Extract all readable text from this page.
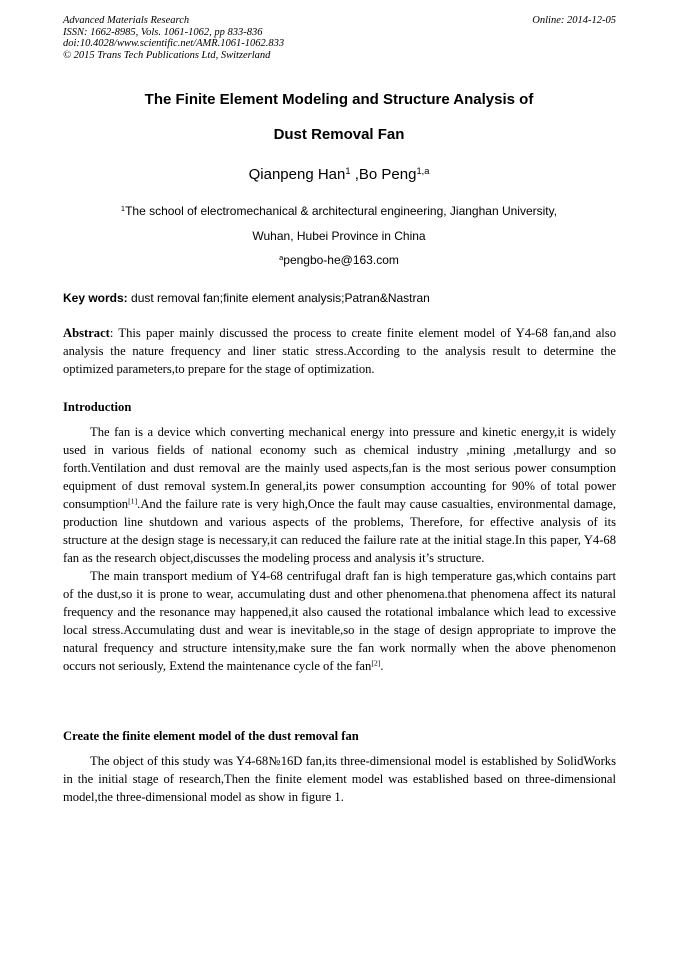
Advanced Materials Research
ISSN: 1662-8985, Vols. 1061-1062, pp 833-836
doi:10.4028/www.scientific.net/AMR.1061-1062.833
© 2015 Trans Tech Publications Ltd, Switzerland
Online: 2014-12-05
The Finite Element Modeling and Structure Analysis of
Dust Removal Fan
Qianpeng Han$^1$ ,Bo Peng$^{1,a}$
$^1$The school of electromechanical & architectural engineering, Jianghan University,
Wuhan, Hubei Province in China
$^a$pengbo-he@163.com
Key words: dust removal fan;finite element analysis;Patran&Nastran
Abstract: This paper mainly discussed the process to create finite element model of Y4-68 fan,and also analysis the nature frequency and liner static stress.According to the analysis result to determine the optimized parameters,to prepare for the stage of optimization.
Introduction

The fan is a device which converting mechanical energy into pressure and kinetic energy,it is widely used in various fields of national economy such as chemical industry ,mining ,metallurgy and so forth.Ventilation and dust removal are the mainly used aspects,fan is the most serious power consumption equipment of dust removal system.In general,its power consumption accounting for 90% of total power consumption[1].And the failure rate is very high,Once the fault may cause casualties, environmental damage, production line shutdown and various aspects of the problems, Therefore, for effective analysis of its structure at the design stage is necessary,it can reduced the failure rate at the initial stage.In this paper, Y4-68 fan as the research object,discusses the modeling process and analysis it’s structure.

The main transport medium of Y4-68 centrifugal draft fan is high temperature gas,which contains part of the dust,so it is prone to wear, accumulating dust and other phenomena.that phenomena affect its natural frequency and the resonance may happened,it also caused the rotational imbalance which lead to excessive local stress.Accumulating dust and wear is inevitable,so in the stage of design appropriate to improve the natural frequency and structure intensity,make sure the fan work normally when the above phenomenon occurs not seriously, Extend the maintenance cycle of the fan[2].

Create the finite element model of the dust removal fan

The object of this study was Y4-68№16D fan,its three-dimensional model is established by SolidWorks in the initial stage of research,Then the finite element model was established based on three-dimensional model,the three-dimensional model as show in figure 1.
